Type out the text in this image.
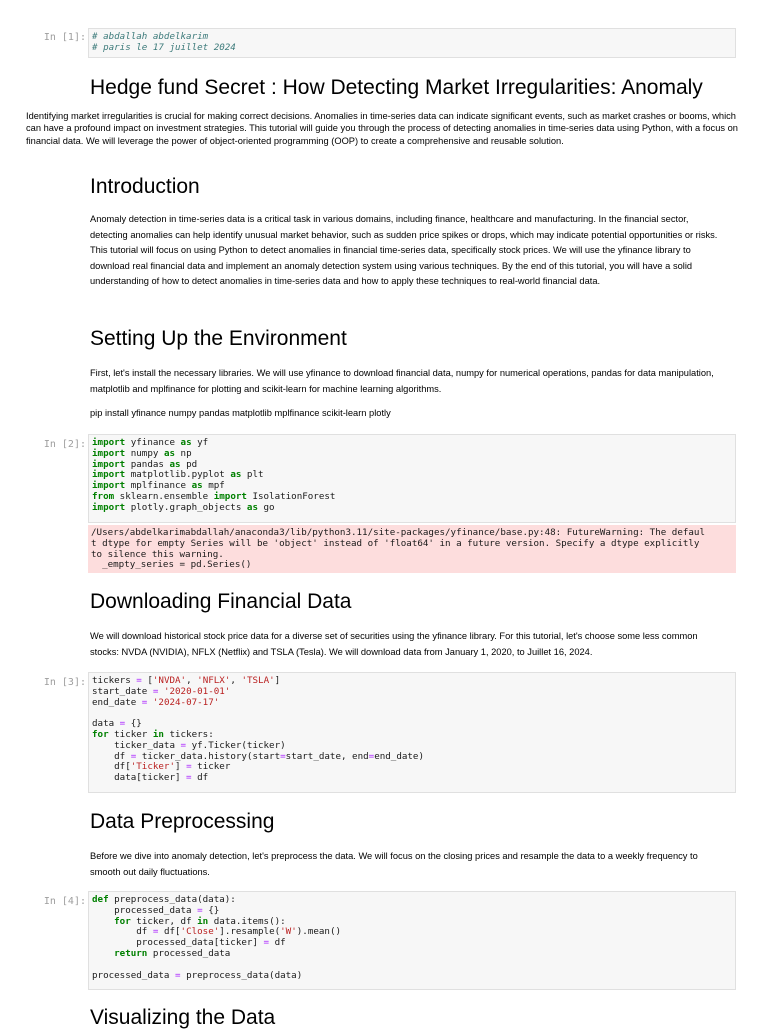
In [1]: # abdallah abdelkarim
# paris le 17 juillet 2024
Hedge fund Secret : How Detecting Market Irregularities: Anomaly
Identifying market irregularities is crucial for making correct decisions. Anomalies in time-series data can indicate significant events, such as market crashes or booms, which can have a profound impact on investment strategies. This tutorial will guide you through the process of detecting anomalies in time-series data using Python, with a focus on financial data. We will leverage the power of object-oriented programming (OOP) to create a comprehensive and reusable solution.
Introduction
Anomaly detection in time-series data is a critical task in various domains, including finance, healthcare and manufacturing. In the financial sector, detecting anomalies can help identify unusual market behavior, such as sudden price spikes or drops, which may indicate potential opportunities or risks. This tutorial will focus on using Python to detect anomalies in financial time-series data, specifically stock prices. We will use the yfinance library to download real financial data and implement an anomaly detection system using various techniques. By the end of this tutorial, you will have a solid understanding of how to detect anomalies in time-series data and how to apply these techniques to real-world financial data.
Setting Up the Environment
First, let's install the necessary libraries. We will use yfinance to download financial data, numpy for numerical operations, pandas for data manipulation, matplotlib and mplfinance for plotting and scikit-learn for machine learning algorithms.
pip install yfinance numpy pandas matplotlib mplfinance scikit-learn plotly
In [2]: import yfinance as yf
import numpy as np
import pandas as pd
import matplotlib.pyplot as plt
import mplfinance as mpf
from sklearn.ensemble import IsolationForest
import plotly.graph_objects as go
/Users/abdelkarimabdallah/anaconda3/lib/python3.11/site-packages/yfinance/base.py:48: FutureWarning: The defaul
t dtype for empty Series will be 'object' instead of 'float64' in a future version. Specify a dtype explicitly
to silence this warning.
_empty_series = pd.Series()
Downloading Financial Data
We will download historical stock price data for a diverse set of securities using the yfinance library. For this tutorial, let's choose some less common stocks: NVDA (NVIDIA), NFLX (Netflix) and TSLA (Tesla). We will download data from January 1, 2020, to Juillet 16, 2024.
In [3]: tickers = ['NVDA', 'NFLX', 'TSLA']
start_date = '2020-01-01'
end_date = '2024-07-17'

data = {}
for ticker in tickers:
ticker_data = yf.Ticker(ticker)
df = ticker_data.history(start=start_date, end=end_date)
df['Ticker'] = ticker
data[ticker] = df
Data Preprocessing
Before we dive into anomaly detection, let's preprocess the data. We will focus on the closing prices and resample the data to a weekly frequency to smooth out daily fluctuations.
In [4]: def preprocess_data(data):
processed_data = {}
for ticker, df in data.items():
df = df['Close'].resample('W').mean()
processed_data[ticker] = df
return processed_data

processed_data = preprocess_data(data)
Visualizing the Data
